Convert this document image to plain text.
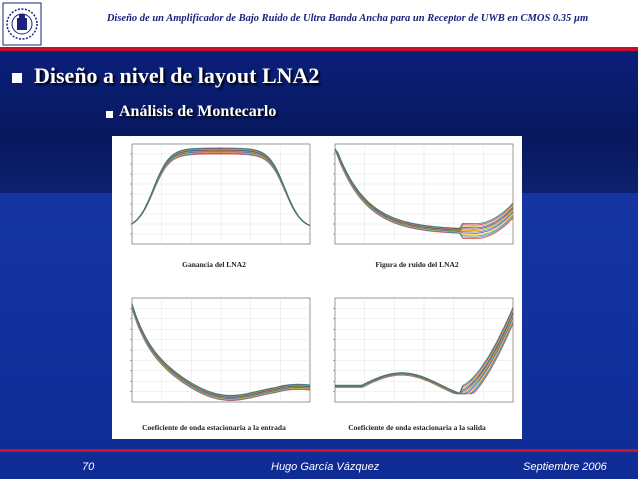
Diseño de un Amplificador de Bajo Ruido de Ultra Banda Ancha para un Receptor de UWB en CMOS 0.35 µm
Diseño a nivel de layout LNA2
Análisis de Montecarlo
Ganancia del LNA2	Figura de ruido del LNA2
Coeficiente de onda estacionaria a la entrada	Coeficiente de onda estacionaria a la salida
70	Hugo García Vázquez	Septiembre 2006
